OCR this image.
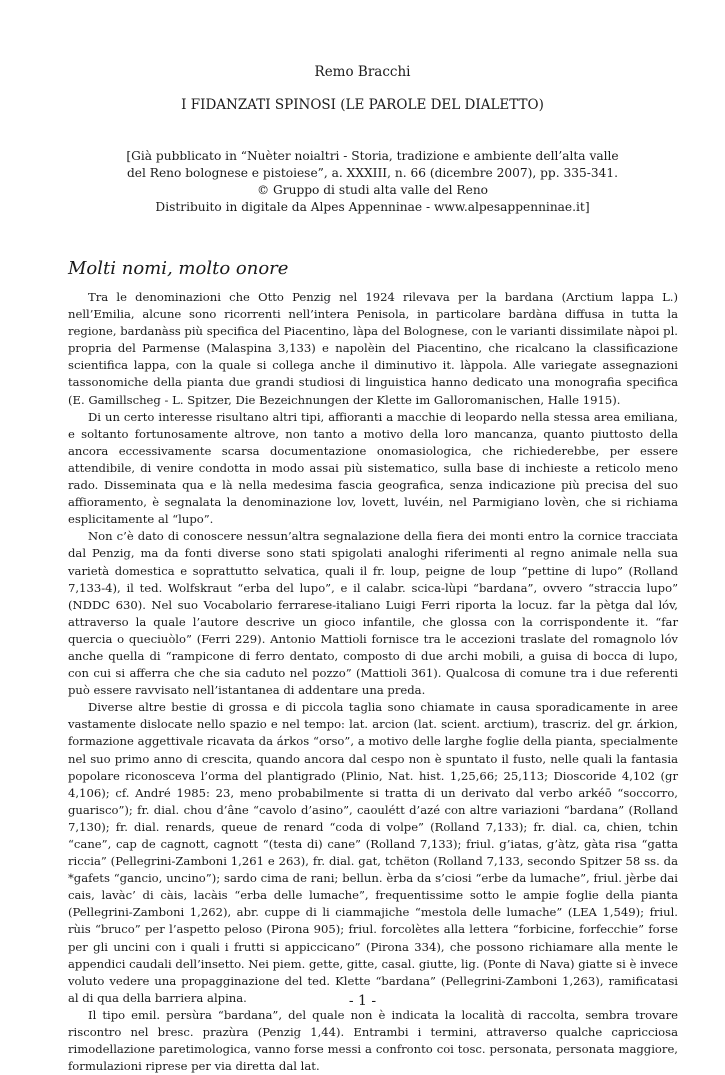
Remo Bracchi
I FIDANZATI SPINOSI (LE PAROLE DEL DIALETTO)
[Già pubblicato in “Nuèter noialtri - Storia, tradizione e ambiente dell’alta valle
del Reno bolognese e pistoiese”, a. XXXIII, n. 66 (dicembre 2007), pp. 335-341.
© Gruppo di studi alta valle del Reno
Distribuito in digitale da Alpes Appenninae - www.alpesappenninae.it]
Molti nomi, molto onore

Tra le denominazioni che Otto Penzig nel 1924 rilevava per la bardana (Arctium lappa L.) nell’Emilia, alcune sono ricorrenti nell’intera Penisola, in particolare bardàna diffusa in tutta la regione, bardanàss più specifica del Piacentino, làpa del Bolognese, con le varianti dissimilate nàpoi pl. propria del Parmense (Malaspina 3,133) e napolèin del Piacentino, che ricalcano la classificazione scientifica lappa, con la quale si collega anche il diminutivo it. làppola. Alle variegate assegnazioni tassonomiche della pianta due grandi studiosi di linguistica hanno dedicato una monografia specifica (E. Gamillscheg - L. Spitzer, Die Bezeichnungen der Klette im Galloromanischen, Halle 1915).

Di un certo interesse risultano altri tipi, affioranti a macchie di leopardo nella stessa area emiliana, e soltanto fortunosamente altrove, non tanto a motivo della loro mancanza, quanto piuttosto della ancora eccessivamente scarsa documentazione onomasiologica, che richiederebbe, per essere attendibile, di venire condotta in modo assai più sistematico, sulla base di inchieste a reticolo meno rado. Disseminata qua e là nella medesima fascia geografica, senza indicazione più precisa del suo affioramento, è segnalata la denominazione lov, lovett, luvéin, nel Parmigiano lovèn, che si richiama esplicitamente al “lupo”.

Non c’è dato di conoscere nessun’altra segnalazione della fiera dei monti entro la cornice tracciata dal Penzig, ma da fonti diverse sono stati spigolati analoghi riferimenti al regno animale nella sua varietà domestica e soprattutto selvatica, quali il fr. loup, peigne de loup “pettine di lupo” (Rolland 7,133-4), il ted. Wolfskraut “erba del lupo”, e il calabr. scica-lùpi “bardana”, ovvero “straccia lupo” (NDDC 630). Nel suo Vocabolario ferrarese-italiano Luigi Ferri riporta la locuz. far la pètga dal lóv, attraverso la quale l’autore descrive un gioco infantile, che glossa con la corrispondente it. “far quercia o queciuòlo” (Ferri 229). Antonio Mattioli fornisce tra le accezioni traslate del romagnolo lóv anche quella di “rampicone di ferro dentato, composto di due archi mobili, a guisa di bocca di lupo, con cui si afferra che che sia caduto nel pozzo” (Mattioli 361). Qualcosa di comune tra i due referenti può essere ravvisato nell’istantanea di addentare una preda.

Diverse altre bestie di grossa e di piccola taglia sono chiamate in causa sporadicamente in aree vastamente dislocate nello spazio e nel tempo: lat. arcion (lat. scient. arctium), trascriz. del gr. árkion, formazione aggettivale ricavata da árkos “orso”, a motivo delle larghe foglie della pianta, specialmente nel suo primo anno di crescita, quando ancora dal cespo non è spuntato il fusto, nelle quali la fantasia popolare riconosceva l’orma del plantigrado (Plinio, Nat. hist. 1,25,66; 25,113; Dioscoride 4,102 (gr 4,106); cf. André 1985: 23, meno probabilmente si tratta di un derivato dal verbo arkéō “soccorro, guarisco”); fr. dial. chou d’âne “cavolo d’asino”, caoulétt d’azé con altre variazioni “bardana” (Rolland 7,130); fr. dial. renards, queue de renard “coda di volpe” (Rolland 7,133); fr. dial. ca, chien, tchin “cane”, cap de cagnott, cagnott “(testa di) cane” (Rolland 7,133); friul. g’iatas, g’àtz, gàta risa “gatta riccia” (Pellegrini-Zamboni 1,261 e 263), fr. dial. gat, tchëton (Rolland 7,133, secondo Spitzer 58 ss. da *gafets “gancio, uncino”); sardo cima de rani; bellun. èrba da s’ciosi “erbe da lumache”, friul. jèrbe dai cais, lavàc’ di càis, lacàis “erba delle lumache”, frequentissime sotto le ampie foglie della pianta (Pellegrini-Zamboni 1,262), abr. cuppe di li ciammajiche “mestola delle lumache” (LEA 1,549); friul. rùis “bruco” per l’aspetto peloso (Pirona 905); friul. forcolètes alla lettera “forbicine, forfecchie” forse per gli uncini con i quali i frutti si appiccicano” (Pirona 334), che possono richiamare alla mente le appendici caudali dell’insetto. Nei piem. gette, gitte, casal. giutte, lig. (Ponte di Nava) giatte si è invece voluto vedere una propagginazione del ted. Klette “bardana” (Pellegrini-Zamboni 1,263), ramificatasi al di qua della barriera alpina.

Il tipo emil. persùra “bardana”, del quale non è indicata la località di raccolta, sembra trovare riscontro nel bresc. prazùra (Penzig 1,44). Entrambi i termini, attraverso qualche capricciosa rimodellazione paretimologica, vanno forse messi a confronto coi tosc. personata, personata maggiore, formulazioni riprese per via diretta dal lat.

- 1 -
